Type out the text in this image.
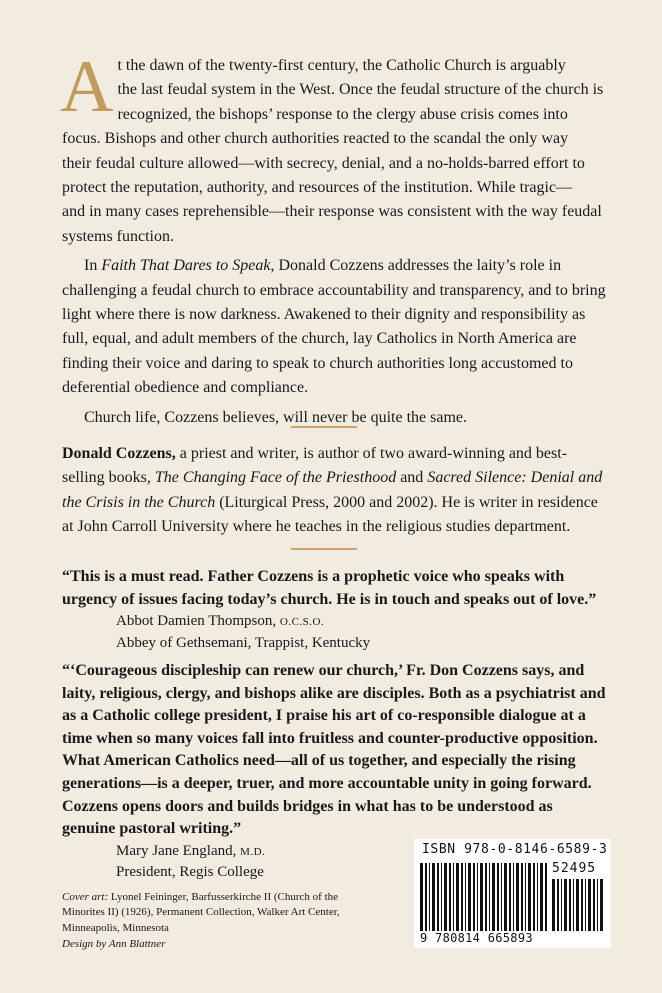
A t the dawn of the twenty-first century, the Catholic Church is arguably
the last feudal system in the West. Once the feudal structure of the church is
recognized, the bishops’ response to the clergy abuse crisis comes into
focus. Bishops and other church authorities reacted to the scandal the only way
their feudal culture allowed—with secrecy, denial, and a no-holds-barred effort to
protect the reputation, authority, and resources of the institution. While tragic—
and in many cases reprehensible—their response was consistent with the way feudal
systems function.

In Faith That Dares to Speak, Donald Cozzens addresses the laity’s role in challenging a feudal church to embrace accountability and transparency, and to bring light where there is now darkness. Awakened to their dignity and responsibility as full, equal, and adult members of the church, lay Catholics in North America are finding their voice and daring to speak to church authorities long accustomed to deferential obedience and compliance.

Church life, Cozzens believes, will never be quite the same.

Donald Cozzens, a priest and writer, is author of two award-winning and best-selling books, The Changing Face of the Priesthood and Sacred Silence: Denial and the Crisis in the Church (Liturgical Press, 2000 and 2002). He is writer in residence at John Carroll University where he teaches in the religious studies department.

“This is a must read. Father Cozzens is a prophetic voice who speaks with urgency of issues facing today’s church. He is in touch and speaks out of love.”
Abbot Damien Thompson, O.C.S.O.
Abbey of Gethsemani, Trappist, Kentucky
“‘Courageous discipleship can renew our church,’ Fr. Don Cozzens says, and laity, religious, clergy, and bishops alike are disciples. Both as a psychiatrist and as a Catholic college president, I praise his art of co-responsible dialogue at a time when so many voices fall into fruitless and counter-productive opposition. What American Catholics need—all of us together, and especially the rising generations—is a deeper, truer, and more accountable unity in going forward. Cozzens opens doors and builds bridges in what has to be understood as genuine pastoral writing.”
Mary Jane England, M.D.
President, Regis College

Cover art: Lyonel Feininger, Barfusserkirche II (Church of the Minorites II) (1926), Permanent Collection, Walker Art Center, Minneapolis, Minnesota

Design by Ann Blattner
ISBN 978-0-8146-6589-3
52495
9 780814 665893
